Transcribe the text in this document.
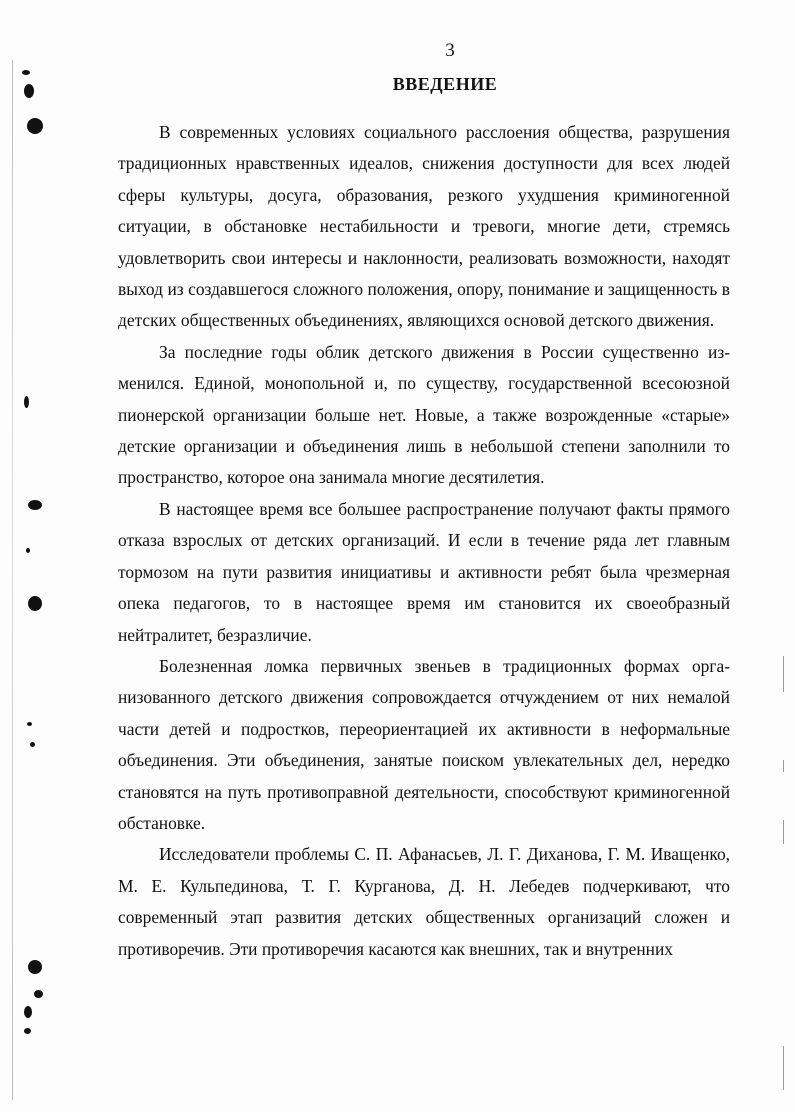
3
ВВЕДЕНИЕ

В современных условиях социального расслоения общества, разрушения традиционных нравственных идеалов, снижения доступности для всех людей сферы культуры, досуга, образования, резкого ухудшения криминогенной ситуации, в обстановке нестабильности и тревоги, многие дети, стремясь удовлетворить свои интересы и наклонности, реализовать возможности, находят выход из создавшегося сложного положения, опору, понимание и защищенность в детских общественных объединениях, являющихся основой детского движения.

За последние годы облик детского движения в России существенно изменился. Единой, монопольной и, по существу, государственной всесоюзной пионерской организации больше нет. Новые, а также возрожденные «старые» детские организации и объединения лишь в небольшой степени заполнили то пространство, которое она занимала многие десятилетия.

В настоящее время все большее распространение получают факты прямого отказа взрослых от детских организаций. И если в течение ряда лет главным тормозом на пути развития инициативы и активности ребят была чрезмерная опека педагогов, то в настоящее время им становится их своеобразный нейтралитет, безразличие.

Болезненная ломка первичных звеньев в традиционных формах организованного детского движения сопровождается отчуждением от них немалой части детей и подростков, переориентацией их активности в неформальные объединения. Эти объединения, занятые поиском увлекательных дел, нередко становятся на путь противоправной деятельности, способствуют криминогенной обстановке.

Исследователи проблемы С. П. Афанасьев, Л. Г. Диханова, Г. М. Иващенко, М. Е. Кульпединова, Т. Г. Курганова, Д. Н. Лебедев подчеркивают, что современный этап развития детских общественных организаций сложен и противоречив. Эти противоречия касаются как внешних, так и внутренних
